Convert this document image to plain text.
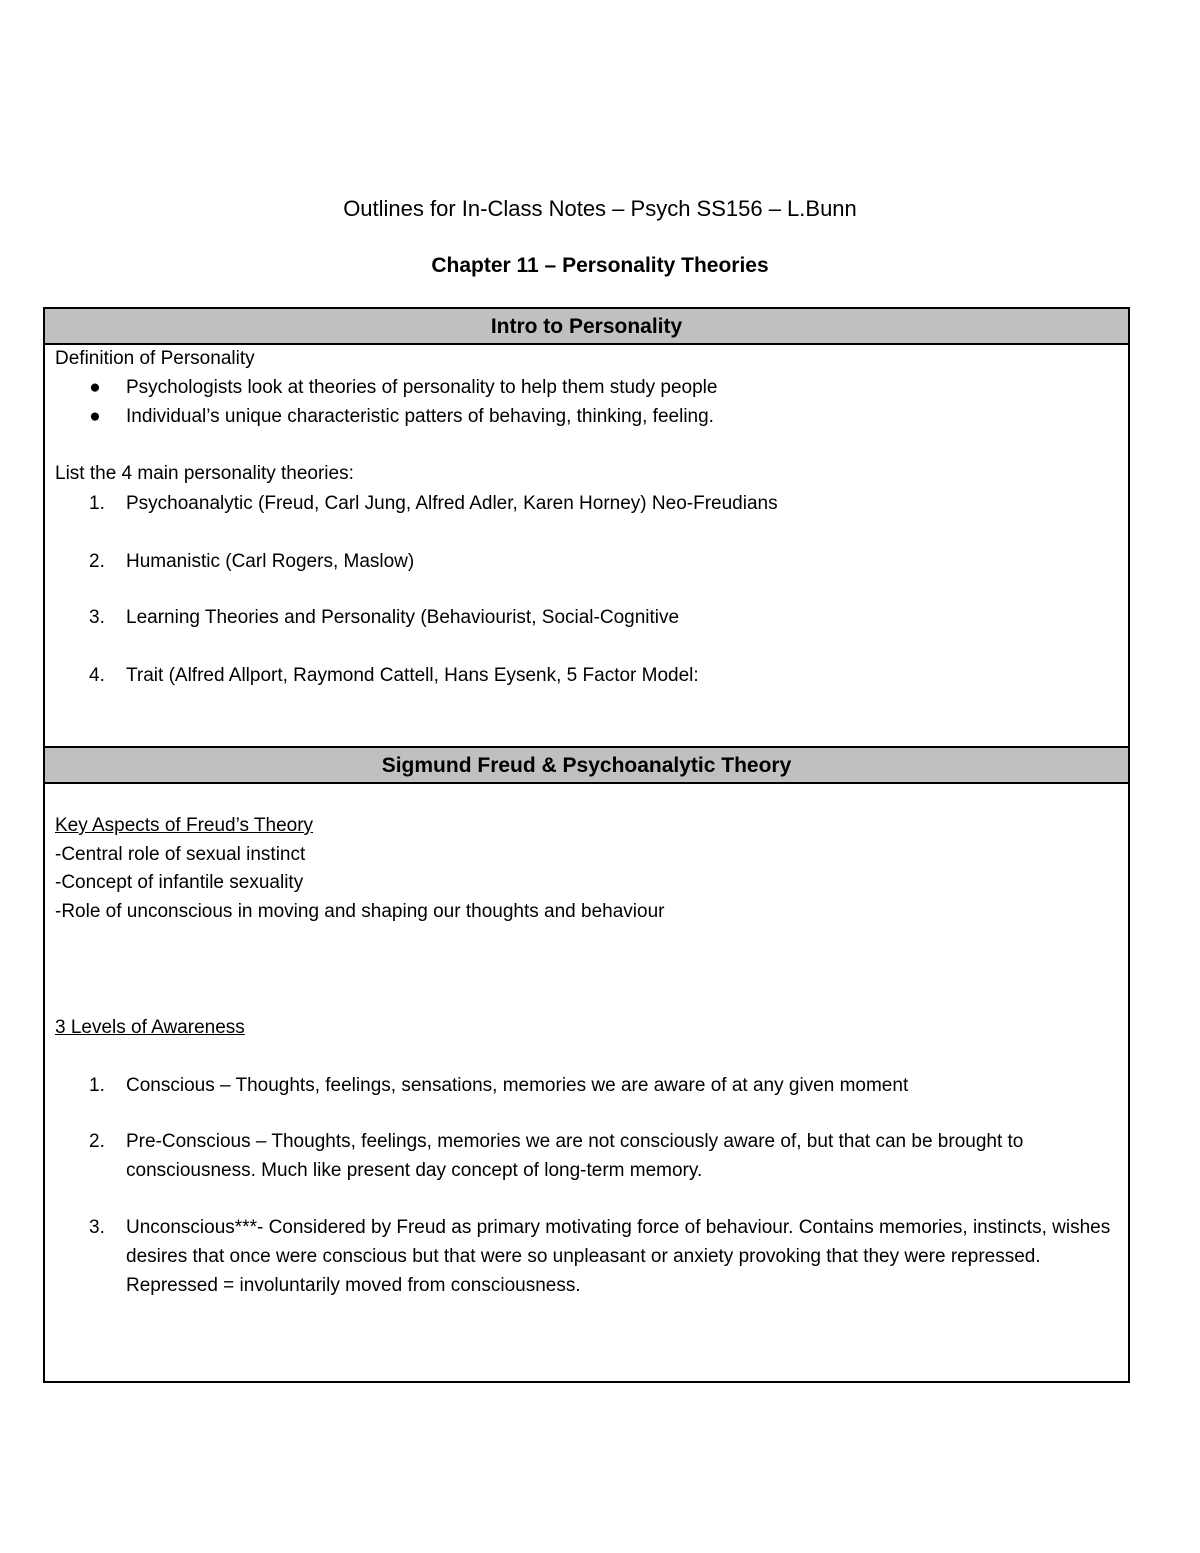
Outlines for In-Class Notes – Psych SS156 – L.Bunn
Chapter 11 – Personality Theories
Intro to Personality
Definition of Personality
● Psychologists look at theories of personality to help them study people
● Individual’s unique characteristic patters of behaving, thinking, feeling.
List the 4 main personality theories:
1.	Psychoanalytic (Freud, Carl Jung, Alfred Adler, Karen Horney) Neo-Freudians
2.	Humanistic (Carl Rogers, Maslow)
3.	Learning Theories and Personality (Behaviourist, Social-Cognitive
4.	Trait (Alfred Allport, Raymond Cattell, Hans Eysenk, 5 Factor Model:
Sigmund Freud & Psychoanalytic Theory
Key Aspects of Freud’s Theory
-Central role of sexual instinct
-Concept of infantile sexuality
-Role of unconscious in moving and shaping our thoughts and behaviour
3 Levels of Awareness
1.	Conscious – Thoughts, feelings, sensations, memories we are aware of at any given moment
2.	Pre-Conscious – Thoughts, feelings, memories we are not consciously aware of, but that can be brought to consciousness. Much like present day concept of long-term memory.
3.	Unconscious***- Considered by Freud as primary motivating force of behaviour. Contains memories, instincts, wishes desires that once were conscious but that were so unpleasant or anxiety provoking that they were repressed. Repressed = involuntarily moved from consciousness.
